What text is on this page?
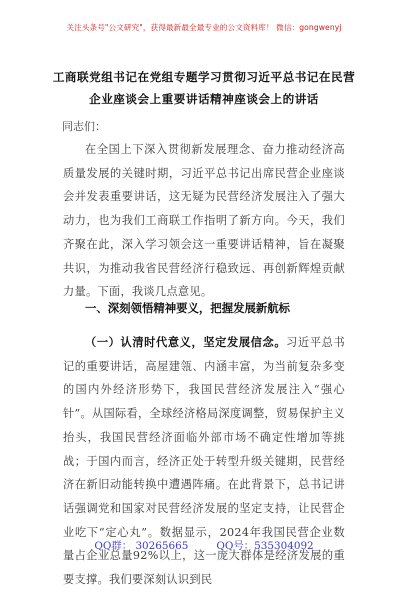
关注头条号"公文研究"，获得最新最全最专业的公文资料库！ 微信：gongwenyj
工商联党组书记在党组专题学习贯彻习近平总书记在民营
企业座谈会上重要讲话精神座谈会上的讲话
同志们：
在全国上下深入贯彻新发展理念、奋力推动经济高质量发展的关键时期，习近平总书记出席民营企业座谈会并发表重要讲话，这无疑为民营经济发展注入了强大动力，也为我们工商联工作指明了新方向。今天，我们齐聚在此，深入学习领会这一重要讲话精神，旨在凝聚共识，为推动我省民营经济行稳致远、再创新辉煌贡献力量。下面，我谈几点意见。
一、深刻领悟精神要义，把握发展新航标
（一）认清时代意义，坚定发展信念。习近平总书记的重要讲话，高屋建瓴、内涵丰富，为当前复杂多变的国内外经济形势下，我国民营经济发展注入“强心针”。从国际看，全球经济格局深度调整，贸易保护主义抬头，我国民营经济面临外部市场不确定性增加等挑战；于国内而言，经济正处于转型升级关键期，民营经济在新旧动能转换中遭遇阵痛。在此背景下，总书记讲话强调党和国家对民营经济发展的坚定支持，让民营企业吃下“定心丸”。数据显示，2024年我国民营企业数量占企业总量92%以上，这一庞大群体是经济发展的重要支撑。我们要深刻认识到民
QQ群： 30265665	QQ号：535304092
